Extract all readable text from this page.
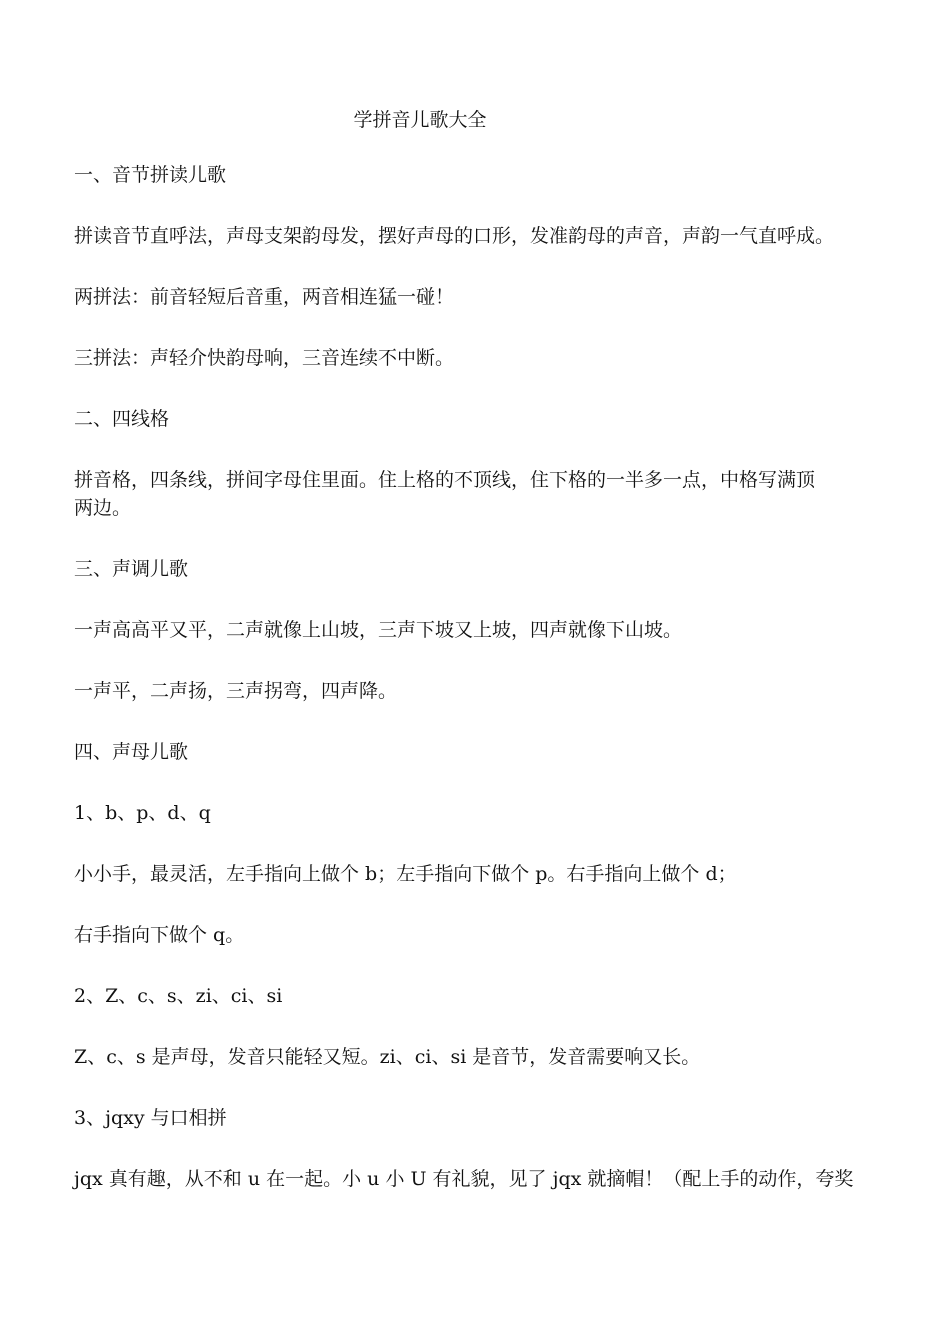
学拼音儿歌大全

一、音节拼读儿歌

拼读音节直呼法，声母支架韵母发，摆好声母的口形，发准韵母的声音，声韵一气直呼成。

两拼法：前音轻短后音重，两音相连猛一碰！

三拼法：声轻介快韵母响，三音连续不中断。

二、四线格

拼音格，四条线，拼间字母住里面。住上格的不顶线，住下格的一半多一点，中格写满顶
两边。

三、声调儿歌

一声高高平又平，二声就像上山坡，三声下坡又上坡，四声就像下山坡。

一声平，二声扬，三声拐弯，四声降。

四、声母儿歌

1、b、p、d、q

小小手，最灵活，左手指向上做个 b；左手指向下做个 p。右手指向上做个 d；

右手指向下做个 q。

2、Z、c、s、zi、ci、si

Z、c、s 是声母，发音只能轻又短。zi、ci、si 是音节，发音需要响又长。

3、jqxy 与口相拼

jqx 真有趣，从不和 u 在一起。小 u 小 U 有礼貌，见了 jqx 就摘帽！（配上手的动作，夸奖
